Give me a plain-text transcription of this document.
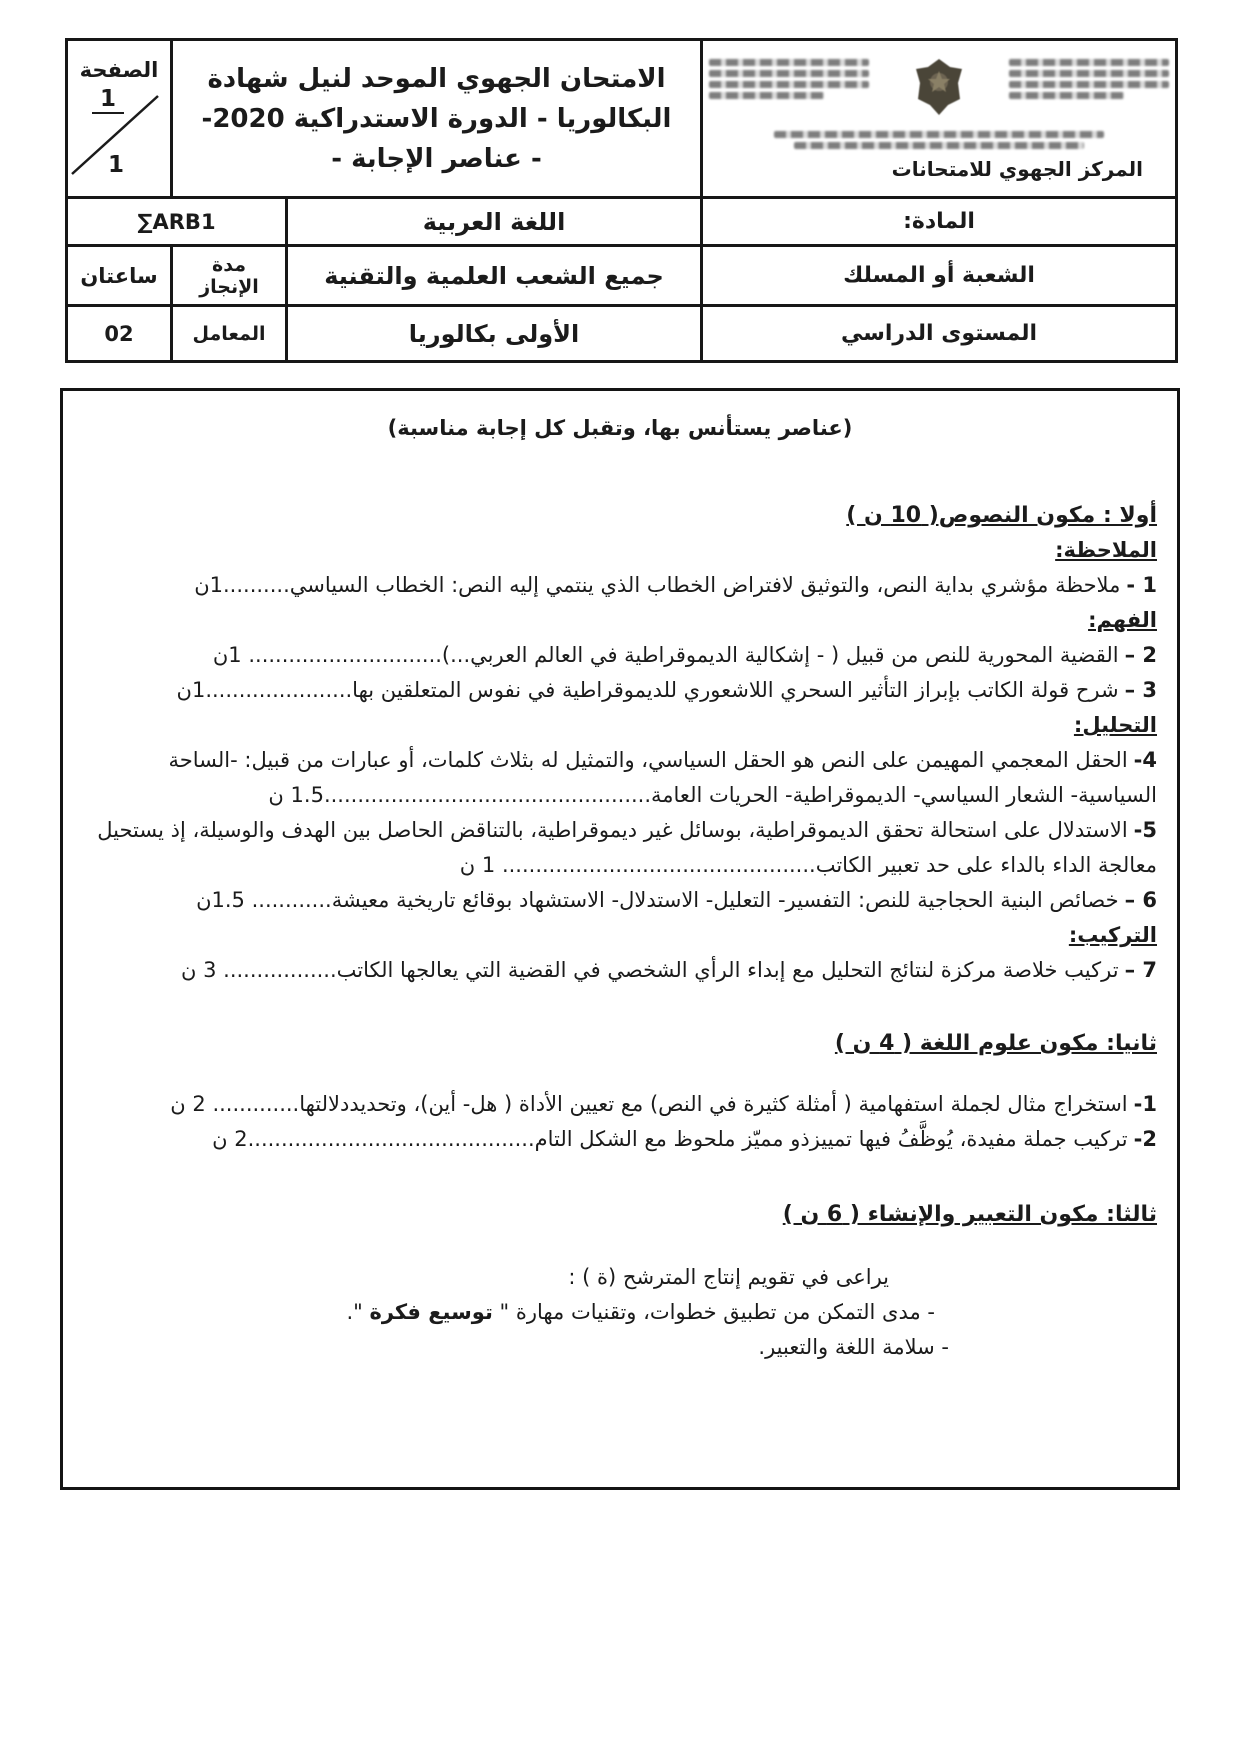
المركز الجهوي للامتحانات

الامتحان الجهوي الموحد لنيل شهادة
البكالوريا - الدورة الاستدراكية 2020-
- عناصر الإجابة -

الصفحة
1
1

المادة:	اللغة العربية	∑ARB1	
الشعبة أو المسلك	جميع الشعب العلمية والتقنية	مدة الإنجاز	ساعتان
المستوى الدراسي	الأولى بكالوريا	المعامل	02
(عناصر يستأنس بها، وتقبل كل إجابة مناسبة)
أولا : مكون النصوص( 10 ن )
الملاحظة:
1 -ملاحظة مؤشري بداية النص، والتوثيق لافتراض الخطاب الذي ينتمي إليه النص: الخطاب السياسي..........1ن
الفهم:
2 –القضية المحورية للنص من قبيل ( - إشكالية الديموقراطية في العالم العربي...)............................. 1ن
3 –شرح قولة الكاتب بإبراز التأثير السحري اللاشعوري للديموقراطية في نفوس المتعلقين بها......................1ن
التحليل:
4-الحقل المعجمي المهيمن على النص هو الحقل السياسي، والتمثيل له بثلاث كلمات، أو عبارات من قبيل: -الساحة السياسية- الشعار السياسي- الديموقراطية- الحريات العامة.................................................1.5 ن
5-الاستدلال على استحالة تحقق الديموقراطية، بوسائل غير ديموقراطية، بالتناقض الحاصل بين الهدف والوسيلة، إذ يستحيل معالجة الداء بالداء على حد تعبير الكاتب............................................... 1 ن
6 –خصائص البنية الحجاجية للنص: التفسير- التعليل- الاستدلال- الاستشهاد بوقائع تاريخية معيشة............ 1.5ن
التركيب:
7 –تركيب خلاصة مركزة لنتائج التحليل مع إبداء الرأي الشخصي في القضية التي يعالجها الكاتب................. 3 ن
ثانيا: مكون علوم اللغة ( 4 ن )
1-استخراج مثال لجملة استفهامية ( أمثلة كثيرة في النص) مع تعيين الأداة ( هل- أين)، وتحديددلالتها............. 2 ن
2-تركيب جملة مفيدة، يُوظَّفُ فيها تمييزذو مميّز ملحوظ مع الشكل التام...........................................2 ن
ثالثا: مكون التعبير والإنشاء ( 6 ن )
يراعى في تقويم إنتاج المترشح (ة ) :
- مدى التمكن من تطبيق خطوات، وتقنيات مهارة " توسيع فكرة ".
- سلامة اللغة والتعبير.
